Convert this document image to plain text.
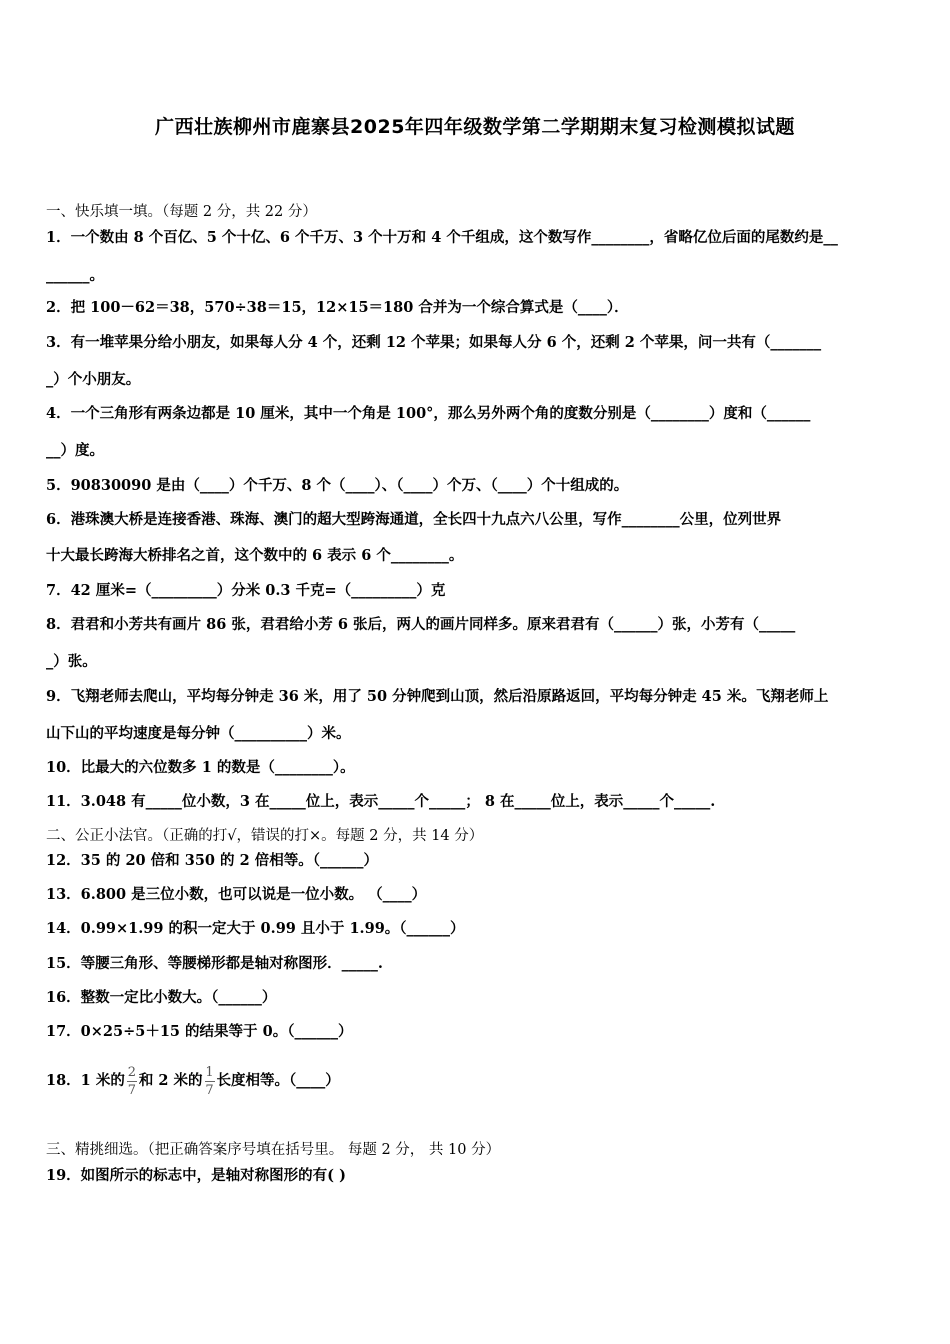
广西壮族柳州市鹿寨县2025年四年级数学第二学期期末复习检测模拟试题
一、快乐填一填。（每题 2 分，共 22 分）
1．一个数由 8 个百亿、5 个十亿、6 个千万、3 个十万和 4 个千组成，这个数写作________，省略亿位后面的尾数约是__
______。
2．把 100－62＝38，570÷38＝15，12×15＝180 合并为一个综合算式是（____）．
3．有一堆苹果分给小朋友，如果每人分 4 个，还剩 12 个苹果；如果每人分 6 个，还剩 2 个苹果，问一共有（_______
_）个小朋友。
4．一个三角形有两条边都是 10 厘米，其中一个角是 100°，那么另外两个角的度数分别是（________）度和（______
__）度。
5．90830090 是由（____）个千万、8 个（____）、（____）个万、（____）个十组成的。
6．港珠澳大桥是连接香港、珠海、澳门的超大型跨海通道，全长四十九点六八公里，写作________公里，位列世界
十大最长跨海大桥排名之首，这个数中的 6 表示 6 个________。
7．42 厘米=（_________）分米 0.3 千克=（_________）克
8．君君和小芳共有画片 86 张，君君给小芳 6 张后，两人的画片同样多。原来君君有（______）张，小芳有（_____
_）张。
9．飞翔老师去爬山，平均每分钟走 36 米，用了 50 分钟爬到山顶，然后沿原路返回，平均每分钟走 45 米。飞翔老师上
山下山的平均速度是每分钟（__________）米。
10．比最大的六位数多 1 的数是（________）。
11．3.048 有_____位小数，3 在_____位上，表示_____个_____； 8 在_____位上，表示_____个_____.
二、公正小法官。（正确的打√，错误的打×。每题 2 分，共 14 分）
12．35 的 20 倍和 350 的 2 倍相等。（______）
13．6.800 是三位小数，也可以说是一位小数。 （____）
14．0.99×1.99 的积一定大于 0.99 且小于 1.99。（______）
15．等腰三角形、等腰梯形都是轴对称图形．_____.
16．整数一定比小数大。（______）
17．0×25÷5＋15 的结果等于 0。（______）
18．1 米的 $\frac{2}{7}$ 和 2 米的 $\frac{1}{7}$ 长度相等。（____）
三、精挑细选。（把正确答案序号填在括号里。 每题 2 分， 共 10 分）
19．如图所示的标志中，是轴对称图形的有( )
